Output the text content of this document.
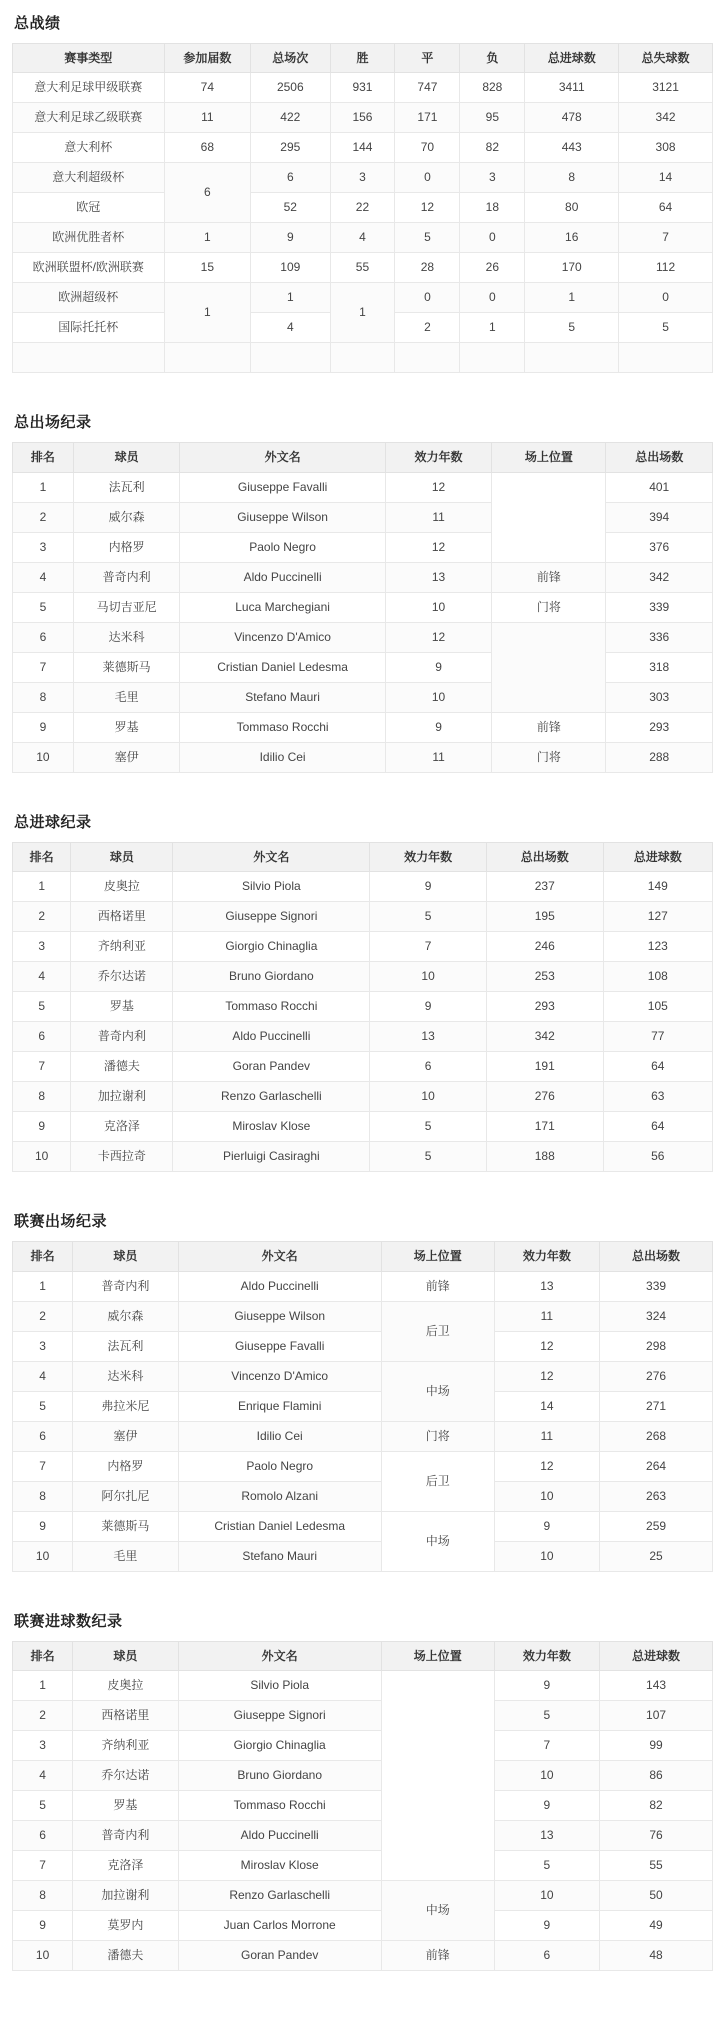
总战绩
赛事类型	参加届数	总场次	胜	平	负	总进球数	总失球数
意大利足球甲级联赛	74	2506	931	747	828	3411	3121
意大利足球乙级联赛	11	422	156	171	95	478	342
意大利杯	68	295	144	70	82	443	308
意大利超级杯	6	6	3	0	3	8	14
欧冠		52	22	12	18	80	64
欧洲优胜者杯	1	9	4	5	0	16	7
欧洲联盟杯/欧洲联赛	15	109	55	28	26	170	112
欧洲超级杯	1	1	1	0	0	1	0
国际托托杯		4		2	1	5	5

总出场纪录
排名	球员	外文名	效力年数	场上位置	总出场数
1	法瓦利	Giuseppe Favalli	12		401
2	威尔森	Giuseppe Wilson	11		394
3	内格罗	Paolo Negro	12		376
4	普奇内利	Aldo Puccinelli	13	前锋	342
5	马切吉亚尼	Luca Marchegiani	10	门将	339
6	达米科	Vincenzo D'Amico	12		336
7	莱德斯马	Cristian Daniel Ledesma	9		318
8	毛里	Stefano Mauri	10		303
9	罗基	Tommaso Rocchi	9	前锋	293
10	塞伊	Idilio Cei	11	门将	288
总进球纪录
排名	球员	外文名	效力年数	总出场数	总进球数
1	皮奥拉	Silvio Piola	9	237	149
2	西格诺里	Giuseppe Signori	5	195	127
3	齐纳利亚	Giorgio Chinaglia	7	246	123
4	乔尔达诺	Bruno Giordano	10	253	108
5	罗基	Tommaso Rocchi	9	293	105
6	普奇内利	Aldo Puccinelli	13	342	77
7	潘德夫	Goran Pandev	6	191	64
8	加拉谢利	Renzo Garlaschelli	10	276	63
9	克洛泽	Miroslav Klose	5	171	64
10	卡西拉奇	Pierluigi Casiraghi	5	188	56
联赛出场纪录
排名	球员	外文名	场上位置	效力年数	总出场数
1	普奇内利	Aldo Puccinelli	前锋	13	339
2	威尔森	Giuseppe Wilson	后卫	11	324
3	法瓦利	Giuseppe Favalli		12	298
4	达米科	Vincenzo D'Amico	中场	12	276
5	弗拉米尼	Enrique Flamini		14	271
6	塞伊	Idilio Cei	门将	11	268
7	内格罗	Paolo Negro	后卫	12	264
8	阿尔扎尼	Romolo Alzani		10	263
9	莱德斯马	Cristian Daniel Ledesma	中场	9	259
10	毛里	Stefano Mauri		10	25
联赛进球数纪录
排名	球员	外文名	场上位置	效力年数	总进球数
1	皮奥拉	Silvio Piola		9	143
2	西格诺里	Giuseppe Signori		5	107
3	齐纳利亚	Giorgio Chinaglia		7	99
4	乔尔达诺	Bruno Giordano		10	86
5	罗基	Tommaso Rocchi		9	82
6	普奇内利	Aldo Puccinelli		13	76
7	克洛泽	Miroslav Klose		5	55
8	加拉谢利	Renzo Garlaschelli	中场	10	50
9	莫罗内	Juan Carlos Morrone		9	49
10	潘德夫	Goran Pandev	前锋	6	48
